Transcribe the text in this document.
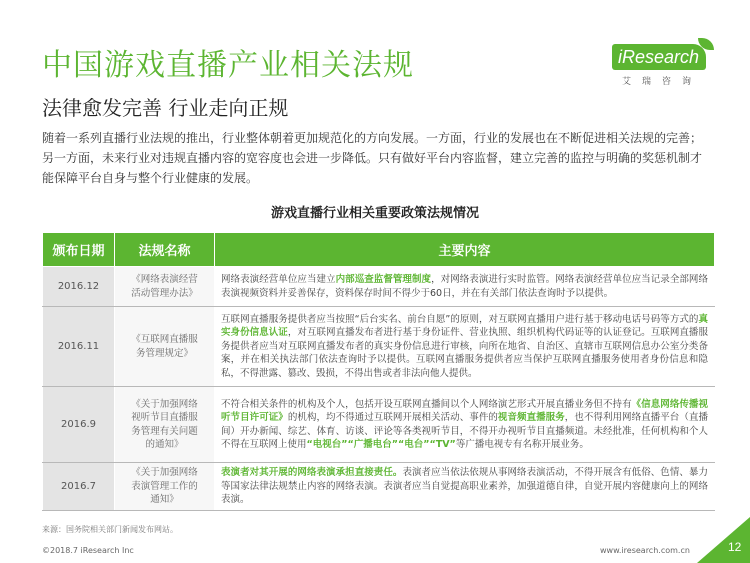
中国游戏直播产业相关法规
法律愈发完善 行业走向正规
iResearch
艾瑞咨询

随着一系列直播行业法规的推出，行业整体朝着更加规范化的方向发展。一方面，行业的发展也在不断促进相关法规的完善；另一方面，未来行业对违规直播内容的宽容度也会进一步降低。只有做好平台内容监督，建立完善的监控与明确的奖惩机制才能保障平台自身与整个行业健康的发展。

游戏直播行业相关重要政策法规情况
颁布日期	法规名称	主要内容
2016.12	《网络表演经营活动管理办法》	网络表演经营单位应当建立内部巡查监督管理制度，对网络表演进行实时监管。网络表演经营单位应当记录全部网络表演视频资料并妥善保存，资料保存时间不得少于60日，并在有关部门依法查询时予以提供。
2016.11	《互联网直播服务管理规定》	互联网直播服务提供者应当按照“后台实名、前台自愿”的原则，对互联网直播用户进行基于移动电话号码等方式的真实身份信息认证，对互联网直播发布者进行基于身份证件、营业执照、组织机构代码证等的认证登记。互联网直播服务提供者应当对互联网直播发布者的真实身份信息进行审核，向所在地省、自治区、直辖市互联网信息办公室分类备案，并在相关执法部门依法查询时予以提供。互联网直播服务提供者应当保护互联网直播服务使用者身份信息和隐私，不得泄露、篡改、毁损，不得出售或者非法向他人提供。
2016.9	《关于加强网络视听节目直播服务管理有关问题的通知》	不符合相关条件的机构及个人，包括开设互联网直播间以个人网络演艺形式开展直播业务但不持有《信息网络传播视听节目许可证》的机构，均不得通过互联网开展相关活动、事件的视音频直播服务，也不得利用网络直播平台（直播间）开办新闻、综艺、体育、访谈、评论等各类视听节目，不得开办视听节目直播频道。未经批准，任何机构和个人不得在互联网上使用“电视台”“广播电台”“电台”“TV”等广播电视专有名称开展业务。
2016.7	《关于加强网络表演管理工作的通知》	表演者对其开展的网络表演承担直接责任。表演者应当依法依规从事网络表演活动，不得开展含有低俗、色情、暴力等国家法律法规禁止内容的网络表演。表演者应当自觉提高职业素养，加强道德自律，自觉开展内容健康向上的网络表演。
来源：国务院相关部门新闻发布网站。
©2018.7 iResearch Inc	www.iresearch.com.cn	12
